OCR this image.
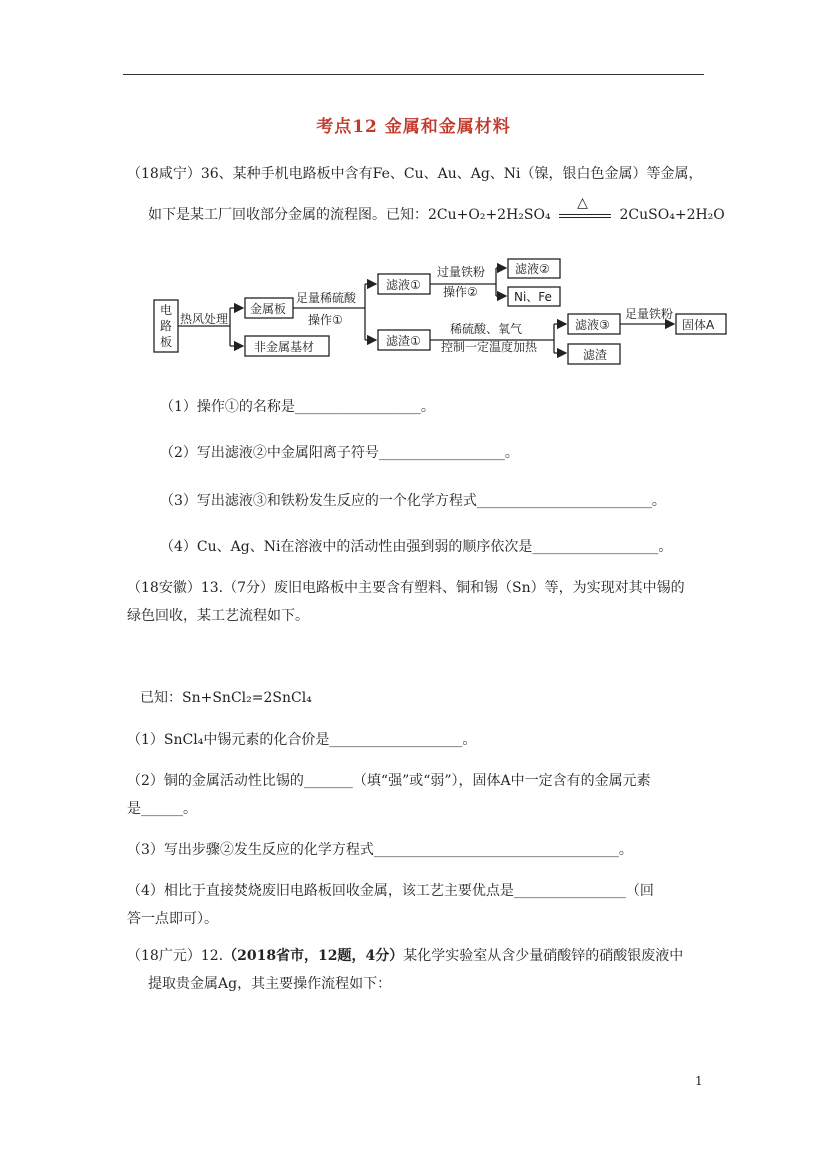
考点12 金属和金属材料
（18咸宁）36、某种手机电路板中含有Fe、Cu、Au、Ag、Ni（镍，银白色金属）等金属，
如下是某工厂回收部分金属的流程图。已知：2Cu+O₂+2H₂SO₄
△
2CuSO₄+2H₂O
电
路
板
热风处理
金属板
非金属基材
足量稀硫酸
操作①
滤液①
滤渣①
过量铁粉
操作②
滤液②
Ni、Fe
稀硫酸、氧气
控制一定温度加热
滤液③
滤渣
足量铁粉
固体A
（1）操作①的名称是__________________。
（2）写出滤液②中金属阳离子符号__________________。
（3）写出滤液③和铁粉发生反应的一个化学方程式_________________________。
（4）Cu、Ag、Ni在溶液中的活动性由强到弱的顺序依次是__________________。
（18安徽）13.（7分）废旧电路板中主要含有塑料、铜和锡（Sn）等，为实现对其中锡的
绿色回收，某工艺流程如下。
已知：Sn+SnCl₂=2SnCl₄
（1）SnCl₄中锡元素的化合价是___________________。
（2）铜的金属活动性比锡的_______（填“强”或“弱”），固体A中一定含有的金属元素
是______。
（3）写出步骤②发生反应的化学方程式___________________________________。
（4）相比于直接焚烧废旧电路板回收金属，该工艺主要优点是________________（回
答一点即可）。
（18广元）12.（2018省市，12题，4分）某化学实验室从含少量硝酸锌的硝酸银废液中
提取贵金属Ag，其主要操作流程如下：
1
